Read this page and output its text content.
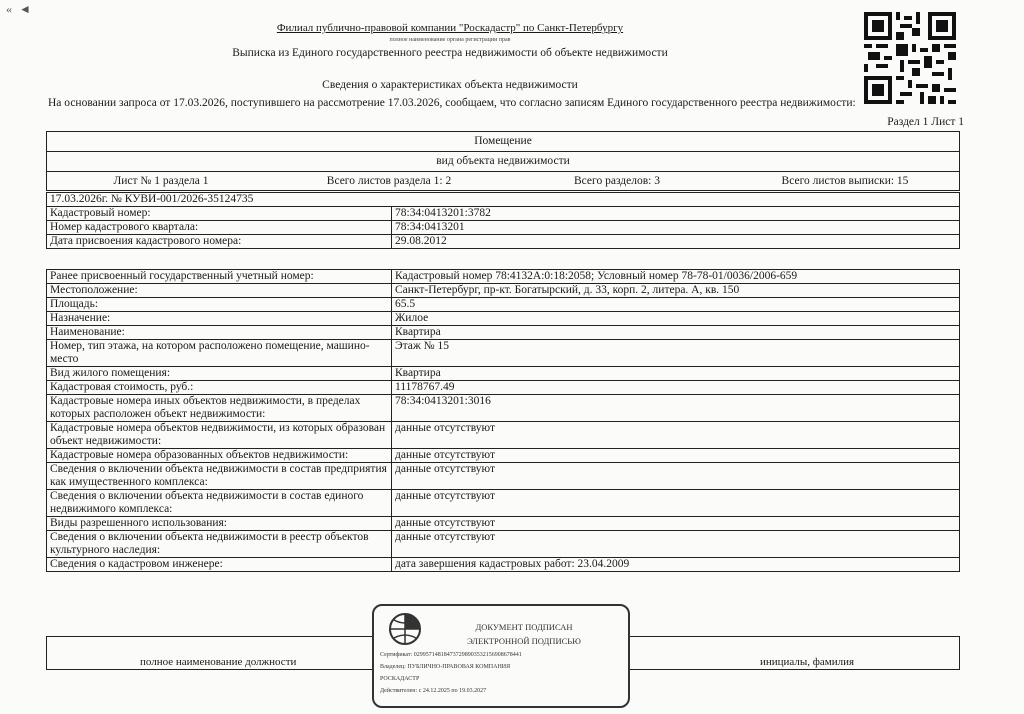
« ◄
Филиал публично-правовой компании "Роскадастр" по Санкт-Петербургу
полное наименование органа регистрации прав
Выписка из Единого государственного реестра недвижимости об объекте недвижимости
Сведения о характеристиках объекта недвижимости
На основании запроса от 17.03.2026, поступившего на рассмотрение 17.03.2026, сообщаем, что согласно записям Единого государственного реестра недвижимости:
Раздел 1 Лист 1
Помещение
вид объекта недвижимости
Лист № 1 раздела 1	Всего листов раздела 1: 2	Всего разделов: 3	Всего листов выписки: 15
17.03.2026г. № КУВИ-001/2026-35124735	
Кадастровый номер:	78:34:0413201:3782
Номер кадастрового квартала:	78:34:0413201
Дата присвоения кадастрового номера:	29.08.2012
Ранее присвоенный государственный учетный номер:	Кадастровый номер 78:4132А:0:18:2058; Условный номер 78-78-01/0036/2006-659
Местоположение:	Санкт-Петербург, пр-кт. Богатырский, д. 33, корп. 2, литера. А, кв. 150
Площадь:	65.5
Назначение:	Жилое
Наименование:	Квартира
Номер, тип этажа, на котором расположено помещение, машино-место	Этаж № 15
Вид жилого помещения:	Квартира
Кадастровая стоимость, руб.:	11178767.49
Кадастровые номера иных объектов недвижимости, в пределах которых расположен объект недвижимости:	78:34:0413201:3016
Кадастровые номера объектов недвижимости, из которых образован объект недвижимости:	данные отсутствуют
Кадастровые номера образованных объектов недвижимости:	данные отсутствуют
Сведения о включении объекта недвижимости в состав предприятия как имущественного комплекса:	данные отсутствуют
Сведения о включении объекта недвижимости в состав единого недвижимого комплекса:	данные отсутствуют
Виды разрешенного использования:	данные отсутствуют
Сведения о включении объекта недвижимости в реестр объектов культурного наследия:	данные отсутствуют
Сведения о кадастровом инженере:	дата завершения кадастровых работ: 23.04.2009
полное наименование должности	инициалы, фамилия
ДОКУМЕНТ ПОДПИСАН
ЭЛЕКТРОННОЙ ПОДПИСЬЮ
Сертификат: 029957148184737298903532156908678441
Владелец: ПУБЛИЧНО-ПРАВОВАЯ КОМПАНИЯ
РОСКАДАСТР
Действителен: с 24.12.2025 по 19.03.2027
